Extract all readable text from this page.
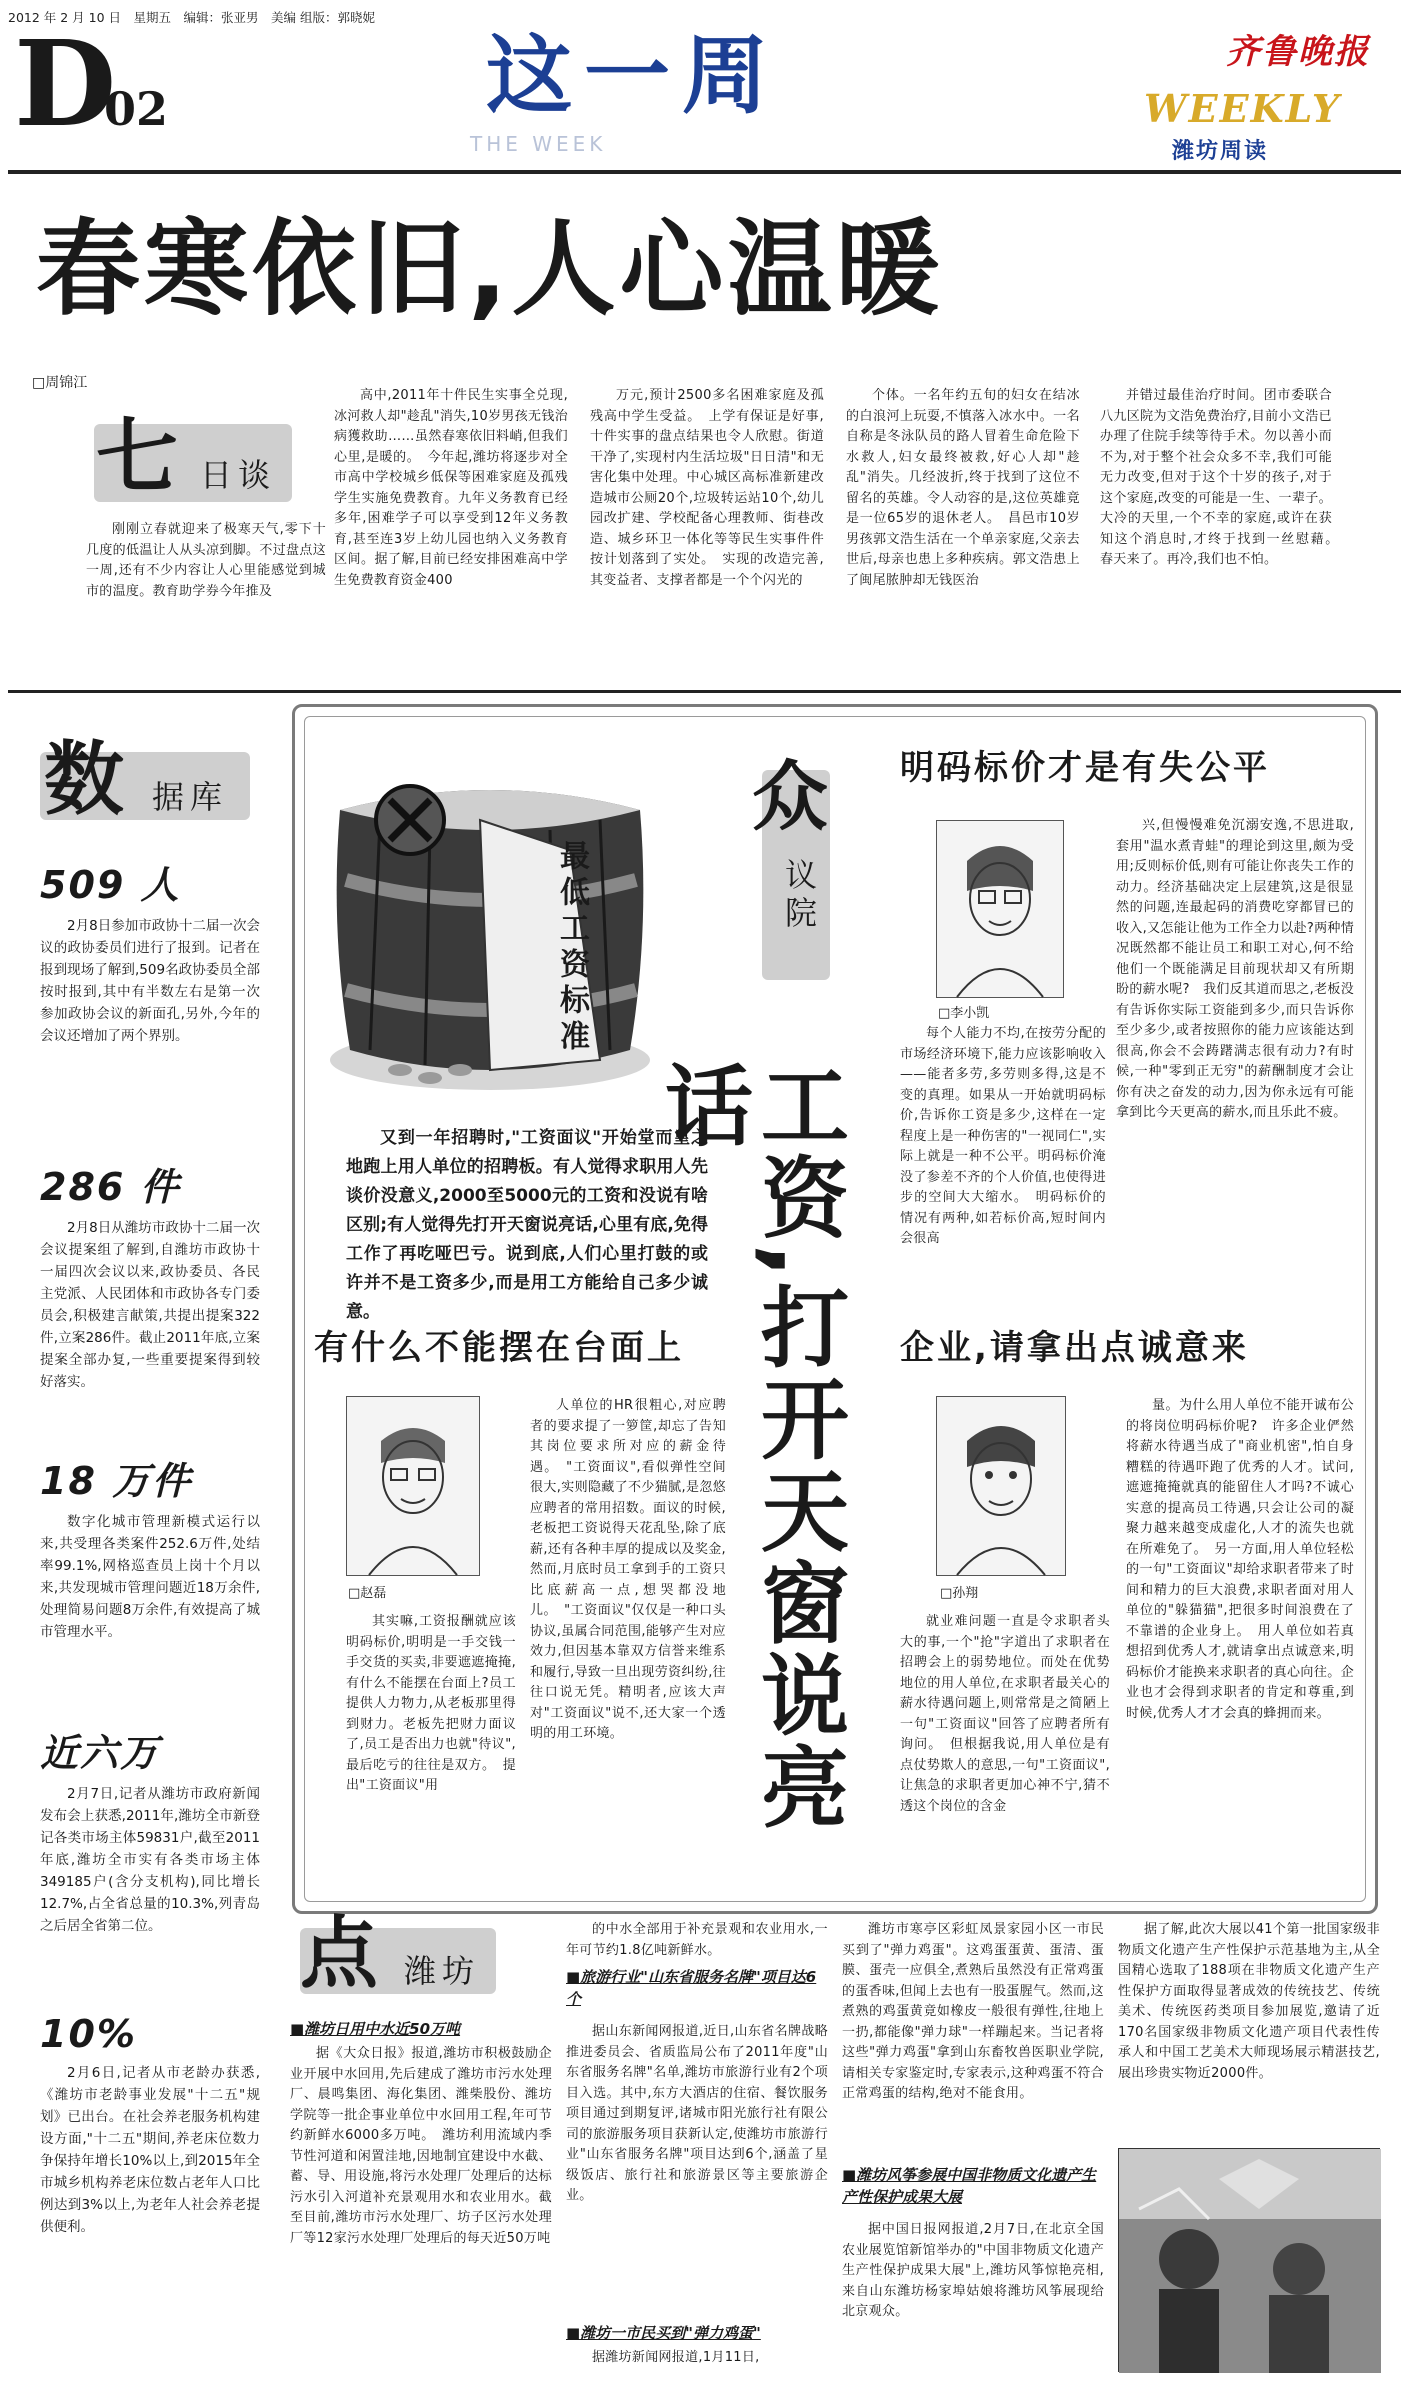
2012 年 2 月 10 日　星期五　编辑：张亚男　美编 组版：郭晓妮
D
02	这一周
THE WEEK
齐鲁晚报
WEEKLY
潍坊周读
春寒依旧,人心温暖
□周锦江
七 日谈

刚刚立春就迎来了极寒天气,零下十几度的低温让人从头凉到脚。不过盘点这一周,还有不少内容让人心里能感觉到城市的温度。教育助学券今年推及

高中,2011年十件民生实事全兑现,冰河救人却"趁乱"消失,10岁男孩无钱治病獲救助……虽然春寒依旧料峭,但我们心里,是暖的。　今年起,潍坊将逐步对全市高中学校城乡低保等困难家庭及孤残学生实施免费教育。九年义务教育已经多年,困难学子可以享受到12年义务教育,甚至连3岁上幼儿园也纳入义务教育区间。据了解,目前已经安排困难高中学生免费教育资金400

万元,预计2500多名困难家庭及孤残高中学生受益。　上学有保证是好事,十件实事的盘点结果也令人欣慰。街道干净了,实现村内生活垃圾"日日清"和无害化集中处理。中心城区高标准新建改造城市公厕20个,垃圾转运站10个,幼儿园改扩建、学校配备心理教师、街巷改造、城乡环卫一体化等等民生实事件件按计划落到了实处。　实现的改造完善,其变益者、支撑者都是一个个闪光的

个体。一名年约五旬的妇女在结冰的白浪河上玩耍,不慎落入冰水中。一名自称是冬泳队员的路人冒着生命危险下水救人,妇女最终被救,好心人却"趁乱"消失。几经波折,终于找到了这位不留名的英雄。令人动容的是,这位英雄竟是一位65岁的退休老人。　昌邑市10岁男孩郭文浩生活在一个单亲家庭,父亲去世后,母亲也患上多种疾病。郭文浩患上了闽尾脓肿却无钱医治

并错过最佳治疗时间。团市委联合八九区院为文浩免费治疗,目前小文浩已办理了住院手续等待手术。勿以善小而不为,对于整个社会众多不幸,我们可能无力改变,但对于这个十岁的孩子,对于这个家庭,改变的可能是一生、一辈子。大冷的天里,一个不幸的家庭,或许在获知这个消息时,才终于找到一丝慰藉。　春天来了。再冷,我们也不怕。

数 据库
509 人

2月8日参加市政协十二届一次会议的政协委员们进行了报到。记者在报到现场了解到,509名政协委员全部按时报到,其中有半数左右是第一次参加政协会议的新面孔,另外,今年的会议还增加了两个界别。

286 件

2月8日从潍坊市政协十二届一次会议提案组了解到,自潍坊市政协十一届四次会议以来,政协委员、各民主党派、人民团体和市政协各专门委员会,积极建言献策,共提出提案322件,立案286件。截止2011年底,立案提案全部办复,一些重要提案得到较好落实。

18 万件

数字化城市管理新模式运行以来,共受理各类案件252.6万件,处结率99.1%,网格巡查员上岗十个月以来,共发现城市管理问题近18万余件,处理简易问题8万余件,有效提高了城市管理水平。

近六万

2月7日,记者从潍坊市政府新闻发布会上获悉,2011年,潍坊全市新登记各类市场主体59831户,截至2011年底,潍坊全市实有各类市场主体349185户(含分支机构),同比增长12.7%,占全省总量的10.3%,列青岛之后居全省第二位。

10%

2月6日,记者从市老龄办获悉,《潍坊市老龄事业发展"十二五"规划》已出台。在社会养老服务机构建设方面,"十二五"期间,养老床位数力争保持年增长10%以上,到2015年全市城乡机构养老床位数占老年人口比例达到3%以上,为老年人社会养老提供便利。

最低工资标准
又到一年招聘时,"工资面议"开始堂而皇之地跑上用人单位的招聘板。有人觉得求职用人先谈价没意义,2000至5000元的工资和没说有啥区别;有人觉得先打开天窗说亮话,心里有底,免得工作了再吃哑巴亏。说到底,人们心里打鼓的或许并不是工资多少,而是用工方能给自己多少诚意。
众
议院
工资,打开天窗说亮话
明码标价才是有失公平
□李小凯

每个人能力不均,在按劳分配的市场经济环境下,能力应该影响收入——能者多劳,多劳则多得,这是不变的真理。如果从一开始就明码标价,告诉你工资是多少,这样在一定程度上是一种伤害的"一视同仁",实际上就是一种不公平。明码标价淹没了参差不齐的个人价值,也使得进步的空间大大缩水。　明码标价的情况有两种,如若标价高,短时间内会很高

兴,但慢慢难免沉溺安逸,不思进取,套用"温水煮青蛙"的理论到这里,颇为受用;反则标价低,则有可能让你丧失工作的动力。经济基础决定上层建筑,这是很显然的问题,连最起码的消费吃穿都冒已的收入,又怎能让他为工作全力以赴?两种情况既然都不能让员工和职工对心,何不给他们一个既能满足目前现状却又有所期盼的薪水呢?　我们反其道而思之,老板没有告诉你实际工资能到多少,而只告诉你至少多少,或者按照你的能力应该能达到很高,你会不会踌躇满志很有动力?有时候,一种"零到正无穷"的薪酬制度才会让你有决之奋发的动力,因为你永远有可能拿到比今天更高的薪水,而且乐此不疲。

有什么不能摆在台面上
□赵磊

其实嘛,工资报酬就应该明码标价,明明是一手交钱一手交货的买卖,非要遮遮掩掩,有什么不能摆在台面上?员工提供人力物力,从老板那里得到财力。老板先把财力面议了,员工是否出力也就"待议",最后吃亏的往往是双方。　提出"工资面议"用

人单位的HR很粗心,对应聘者的要求提了一箩筐,却忘了告知其岗位要求所对应的薪金待遇。　"工资面议",看似弹性空间很大,实则隐藏了不少猫腻,是忽悠应聘者的常用招数。面议的时候,老板把工资说得天花乱坠,除了底薪,还有各种丰厚的提成以及奖金,然而,月底时员工拿到手的工资只比底薪高一点,想哭都没地儿。　"工资面议"仅仅是一种口头协议,虽属合同范围,能够产生对应效力,但因基本靠双方信誉来维系和履行,导致一旦出现劳资纠纷,往往口说无凭。精明者,应该大声对"工资面议"说不,还大家一个透明的用工环境。

企业,请拿出点诚意来
□孙翔

就业难问题一直是令求职者头大的事,一个"抢"字道出了求职者在招聘会上的弱势地位。而处在优势地位的用人单位,在求职者最关心的薪水待遇问题上,则常常是之简陋上一句"工资面议"回答了应聘者所有询问。　但根据我说,用人单位是有点仗势欺人的意思,一句"工资面议",让焦急的求职者更加心神不宁,猜不透这个岗位的含金

量。为什么用人单位不能开诚布公的将岗位明码标价呢?　许多企业俨然将薪水待遇当成了"商业机密",怕自身糟糕的待遇吓跑了优秀的人才。试问,遮遮掩掩就真的能留住人才吗?不诚心实意的提高员工待遇,只会让公司的凝聚力越来越变成虚化,人才的流失也就在所难免了。　另一方面,用人单位轻松的一句"工资面议"却给求职者带来了时间和精力的巨大浪费,求职者面对用人单位的"躲猫猫",把很多时间浪费在了不靠谱的企业身上。　用人单位如若真想招到优秀人才,就请拿出点诚意来,明码标价才能换来求职者的真心向往。企业也才会得到求职者的肯定和尊重,到时候,优秀人才才会真的蜂拥而来。

点 潍坊
■潍坊日用中水近50万吨

据《大众日报》报道,潍坊市积极鼓励企业开展中水回用,先后建成了潍坊市污水处理厂、晨鸣集团、海化集团、潍柴股份、潍坊学院等一批企事业单位中水回用工程,年可节约新鲜水6000多万吨。　潍坊利用流域内季节性河道和闲置洼地,因地制宜建设中水截、蓄、导、用设施,将污水处理厂处理后的达标污水引入河道补充景观用水和农业用水。截至目前,潍坊市污水处理厂、坊子区污水处理厂等12家污水处理厂处理后的每天近50万吨

的中水全部用于补充景观和农业用水,一年可节约1.8亿吨新鲜水。

■旅游行业"山东省服务名牌"项目达6个

据山东新闻网报道,近日,山东省名牌战略推进委员会、省质监局公布了2011年度"山东省服务名牌"名单,潍坊市旅游行业有2个项目入选。其中,东方大酒店的住宿、餐饮服务项目通过到期复评,诸城市阳光旅行社有限公司的旅游服务项目获新认定,使潍坊市旅游行业"山东省服务名牌"项目达到6个,涵盖了星级饭店、旅行社和旅游景区等主要旅游企业。

■潍坊一市民买到"弹力鸡蛋"

据潍坊新闻网报道,1月11日,

潍坊市寒亭区彩虹凤景家园小区一市民买到了"弹力鸡蛋"。这鸡蛋蛋黄、蛋清、蛋膜、蛋壳一应俱全,煮熟后虽然没有正常鸡蛋的蛋香味,但闻上去也有一股蛋腥气。然而,这煮熟的鸡蛋黄竟如橡皮一般很有弹性,往地上一扔,都能像"弹力球"一样蹦起来。当记者将这些"弹力鸡蛋"拿到山东畜牧兽医职业学院,请相关专家鉴定时,专家表示,这种鸡蛋不符合正常鸡蛋的结构,绝对不能食用。

■潍坊风筝参展中国非物质文化遗产生产性保护成果大展

据中国日报网报道,2月7日,在北京全国农业展览馆新馆举办的"中国非物质文化遗产生产性保护成果大展"上,潍坊风筝惊艳亮相,来自山东潍坊杨家埠姑娘将潍坊风筝展现给北京观众。

据了解,此次大展以41个第一批国家级非物质文化遗产生产性保护示范基地为主,从全国精心选取了188项在非物质文化遗产生产性保护方面取得显著成效的传统技艺、传统美术、传统医药类项目参加展览,邀请了近170名国家级非物质文化遗产项目代表性传承人和中国工艺美术大师现场展示精湛技艺,展出珍贵实物近2000件。
